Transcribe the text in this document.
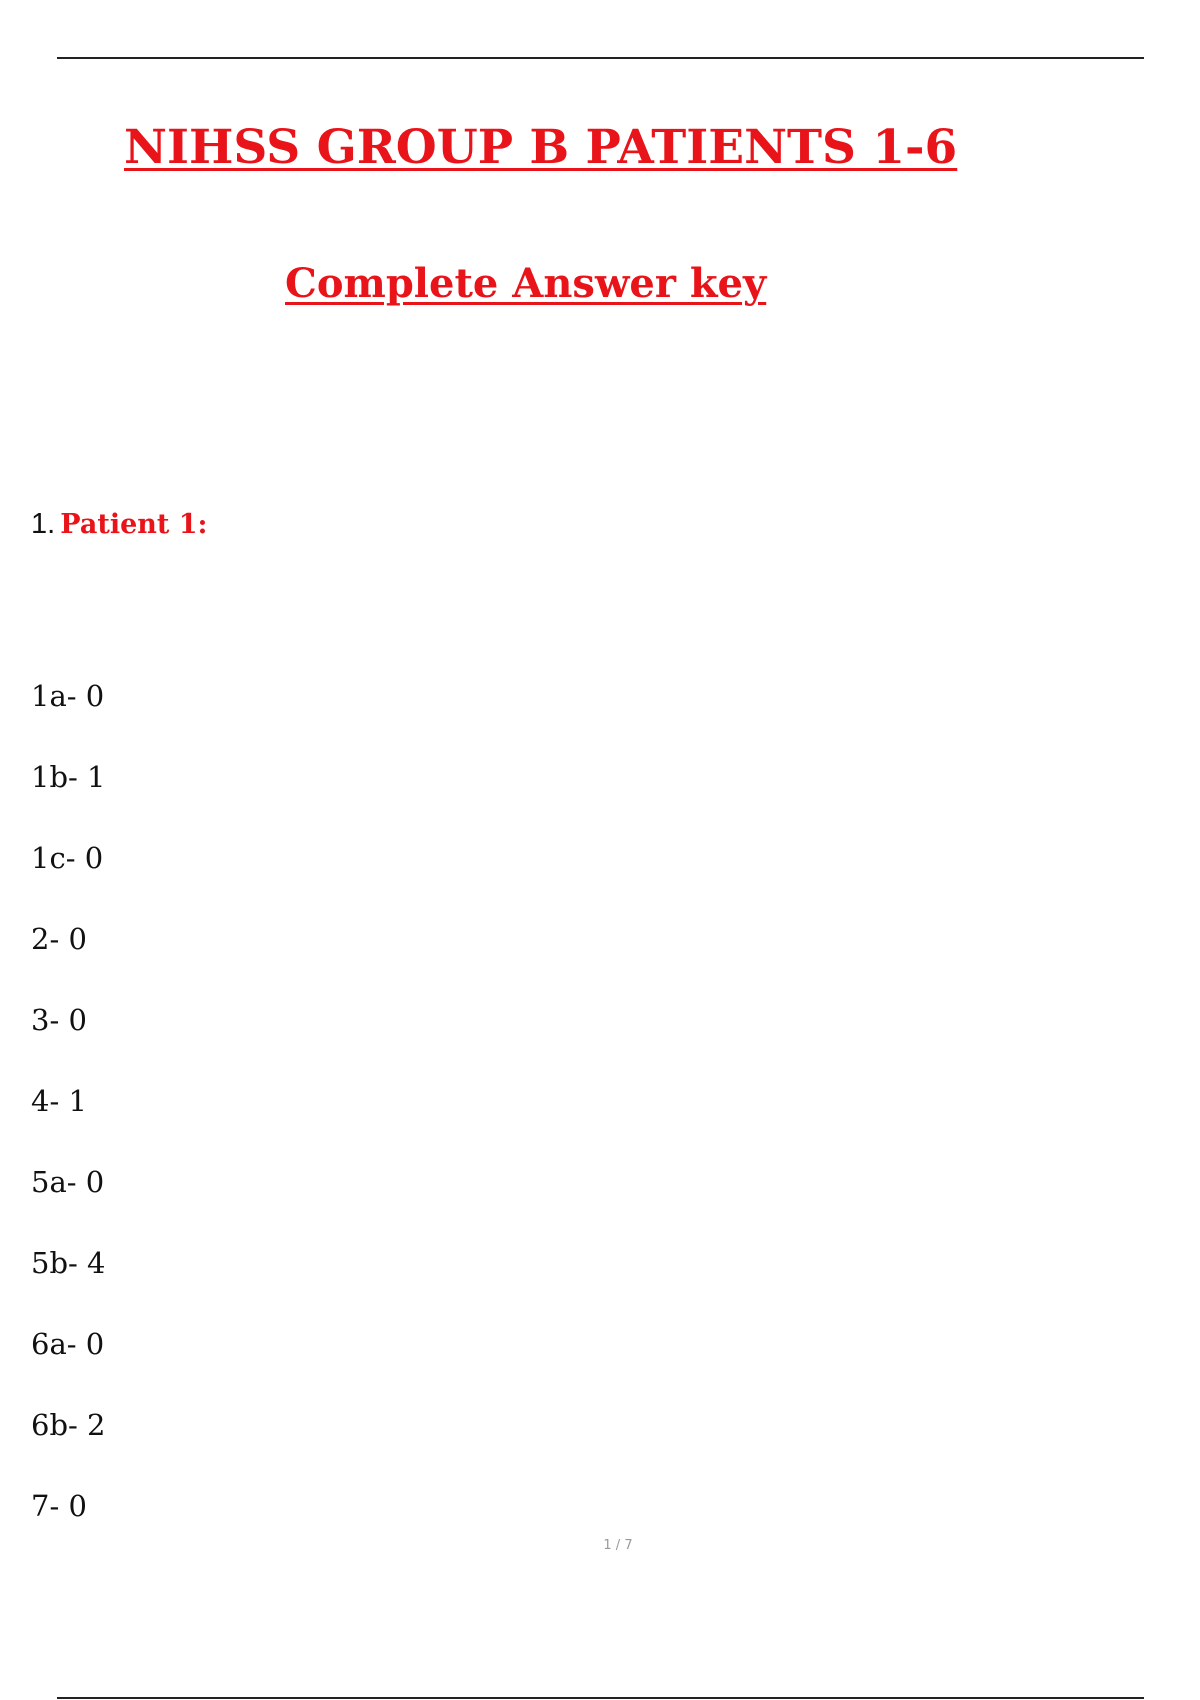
NIHSS GROUP B PATIENTS 1-6
Complete Answer key
1. Patient 1:
1a- 0
1b- 1
1c- 0
2- 0
3- 0
4- 1
5a- 0
5b- 4
6a- 0
6b- 2
7- 0
1 / 7
